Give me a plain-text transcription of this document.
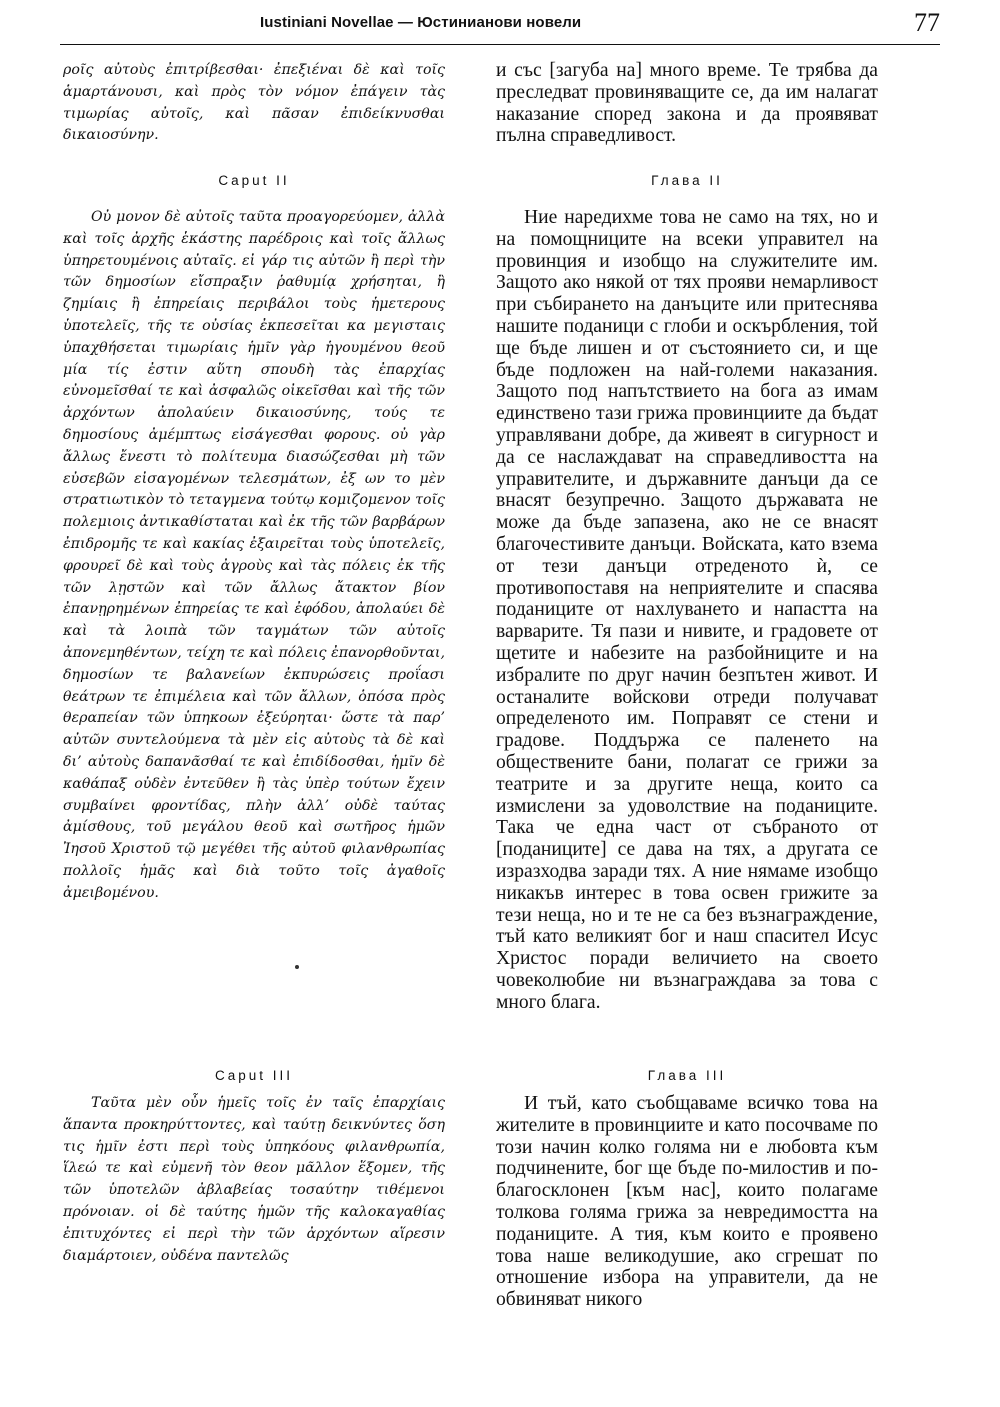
Iustiniani Novellae — Юстинианови новели	77

ροῖς αὐτοὺς ἐπιτρίβεσθαι· ἐπεξιέναι δὲ καὶ τοῖς ἁμαρτάνουσι, καὶ πρὸς τὸν νόμον ἐπάγειν τὰς τιμωρίας αὐτοῖς, καὶ πᾶσαν ἐπιδείκνυσθαι δικαιοσύνην.

Caput II

Οὐ μονον δὲ αὐτοῖς ταῦτα προαγορεύομεν, ἀλλὰ καὶ τοῖς ἀρχῆς ἑκάστης παρέδροις καὶ τοῖς ἄλλως ὑπηρετουμένοις αὐταῖς. εἰ γάρ τις αὐτῶν ἢ περὶ τὴν τῶν δημοσίων εἴσπραξιν ῥαθυμίᾳ χρήσηται, ἢ ζημίαις ἢ ἐπηρείαις περιβάλοι τοὺς ἡμετερους ὑποτελεῖς, τῆς τε οὐσίας ἐκπεσεῖται κα μεγισταις ὑπαχθήσεται τιμωρίαις ἡμῖν γὰρ ἡγουμένου θεοῦ μία τίς ἐστιν αὕτη σπουδὴ τὰς ἐπαρχίας εὐνομεῖσθαί τε καὶ ἀσφαλῶς οἰκεῖσθαι καὶ τῆς τῶν ἀρχόντων ἀπολαύειν δικαιοσύνης, τούς τε δημοσίους ἀμέμπτως εἰσάγεσθαι φορους. οὐ γὰρ ἄλλως ἔνεστι τὸ πολίτευμα διασώζεσθαι μὴ τῶν εὐσεβῶν εἰσαγομένων τελεσμάτων, ἐξ ων το μὲν στρατιωτικὸν τὸ τεταγμενα τούτῳ κομιζομενον τοῖς πολεμιοις ἀντικαθίσταται καὶ ἐκ τῆς τῶν βαρβάρων ἐπιδρομῆς τε καὶ κακίας ἐξαιρεῖται τοὺς ὑποτελεῖς, φρουρεῖ δὲ καὶ τοὺς ἀγροὺς καὶ τὰς πόλεις ἐκ τῆς τῶν λῃστῶν καὶ τῶν ἄλλως ἄτακτον βίον ἐπανῃρημένων ἐπηρείας τε καὶ ἐφόδου, ἀπολαύει δὲ καὶ τὰ λοιπὰ τῶν ταγμάτων τῶν αὐτοῖς ἀπονεμηθέντων, τείχη τε καὶ πόλεις ἐπανορθοῦνται, δημοσίων τε βαλανείων ἐκπυρώσεις προΐασι θεάτρων τε ἐπιμέλεια καὶ τῶν ἄλλων, ὁπόσα πρὸς θεραπείαν τῶν ὑπηκοων ἐξεύρηται· ὥστε τὰ παρ’ αὐτῶν συντελούμενα τὰ μὲν εἰς αὐτοὺς τὰ δὲ καὶ δι’ αὐτοὺς δαπανᾶσθαί τε καὶ ἐπιδίδοσθαι, ἡμῖν δὲ καθάπαξ οὐδὲν ἐντεῦθεν ἢ τὰς ὑπὲρ τούτων ἔχειν συμβαίνει φροντίδας, πλὴν ἀλλ’ οὐδὲ ταύτας ἀμίσθους, τοῦ μεγάλου θεοῦ καὶ σωτῆρος ἡμῶν Ἰησοῦ Χριστοῦ τῷ μεγέθει τῆς αὐτοῦ φιλανθρωπίας πολλοῖς ἡμᾶς καὶ διὰ τοῦτο τοῖς ἀγαθοῖς ἀμειβομένου.

Caput III

Ταῦτα μὲν οὖν ἡμεῖς τοῖς ἐν ταῖς ἐπαρχίαις ἅπαντα προκηρύττοντες, καὶ ταύτῃ δεικνύντες ὅση τις ἡμῖν ἐστι περὶ τοὺς ὑπηκόους φιλανθρωπία, ἵλεώ τε καὶ εὐμενῆ τὸν θεον μᾶλλον ἕξομεν, τῆς τῶν ὑποτελῶν ἀβλαβείας τοσαύτην τιθέμενοι πρόνοιαν. οἱ δὲ ταύτης ἡμῶν τῆς καλοκαγαθίας ἐπιτυχόντες εἰ περὶ τὴν τῶν ἀρχόντων αἵρεσιν διαμάρτοιεν, οὐδένα παντελῶς

и със [загуба на] много време. Те трябва да преследват провиняващите се, да им налагат наказание според закона и да проявяват пълна справедливост.

Глава II

Ние наредихме това не само на тях, но и на помощниците на всеки управител на провинция и изобщо на служителите им. Защото ако някой от тях прояви немарливост при събирането на данъците или притеснява нашите поданици с глоби и оскърбления, той ще бъде лишен и от състоянието си, и ще бъде подложен на най-големи наказания. Защото под напътствието на бога аз имам единствено тази грижа провинциите да бъдат управлявани добре, да живеят в сигурност и да се наслаждават на справедливостта на управителите, и държавните данъци да се внасят безупречно. Защото държавата не може да бъде запазена, ако не се внасят благочестивите данъци. Войската, като взема от тези данъци отреденото ѝ, се противопоставя на неприятелите и спасява поданиците от нахлуването и напастта на варварите. Тя пази и нивите, и градовете от щетите и набезите на разбойниците и на избралите по друг начин безпътен живот. И останалите войскови отреди получават определеното им. Поправят се стени и градове. Поддържа се паленето на обществените бани, полагат се грижи за театрите и за другите неща, които са измислени за удоволствие на поданиците. Така че една част от събраното от [поданиците] се дава на тях, а другата се изразходва заради тях. А ние нямаме изобщо никакъв интерес в това освен грижите за тези неща, но и те не са без възнаграждение, тъй като великият бог и наш спасител Исус Христос поради величието на своето човеколюбие ни възнаграждава за това с много блага.

Глава III

И тъй, като съобщаваме всичко това на жителите в провинциите и като посочваме по този начин колко голяма ни е любовта към подчинените, бог ще бъде по-милостив и по-благосклонен [към нас], които полагаме толкова голяма грижа за невредимостта на поданиците. А тия, към които е проявено това наше великодушие, ако сгрешат по отношение избора на управители, да не обвиняват никого
